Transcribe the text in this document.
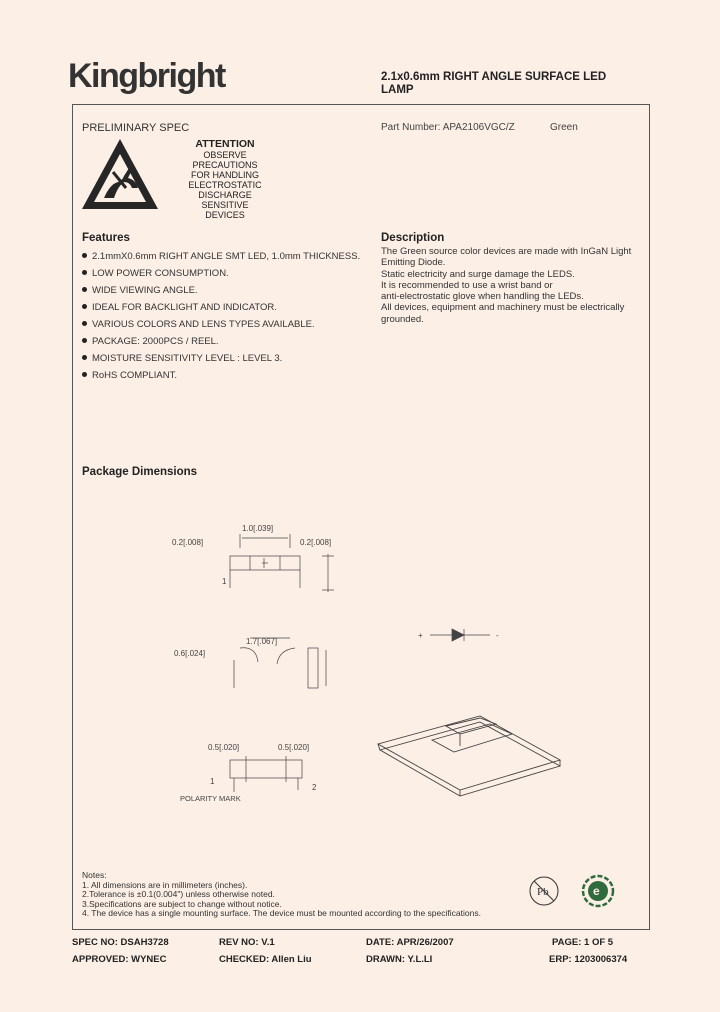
Kingbright	2.1x0.6mm RIGHT ANGLE SURFACE LED LAMP
PRELIMINARY SPEC	Part Number: APA2106VGC/Z	Green
ATTENTION
OBSERVE PRECAUTIONS
FOR HANDLING
ELECTROSTATIC
DISCHARGE
SENSITIVE
DEVICES
Features
2.1mmX0.6mm RIGHT ANGLE SMT LED, 1.0mm THICKNESS.
LOW POWER CONSUMPTION.
WIDE VIEWING ANGLE.
IDEAL FOR BACKLIGHT AND INDICATOR.
VARIOUS COLORS AND LENS TYPES AVAILABLE.
PACKAGE: 2000PCS / REEL.
MOISTURE SENSITIVITY LEVEL : LEVEL 3.
RoHS COMPLIANT.
Description
The Green source color devices are made with InGaN Light
Emitting Diode.
Static electricity and surge damage the LEDS.
It is recommended to use a wrist band or
anti-electrostatic glove when handling the LEDs.
All devices, equipment and machinery must be electrically
grounded.
Package Dimensions
1.0[.039]
0.2[.008]	0.2[.008]
1
1.7[.067]
0.6[.024]
0.5[.020]	0.5[.020]
1
2
POLARITY MARK
+	-
Notes:
1. All dimensions are in millimeters (inches).
2.Tolerance is ±0.1(0.004") unless otherwise noted.
3.Specifications are subject to change without notice.
4. The device has a single mounting surface. The device must be mounted according to the specifications.
Pb	e
SPEC NO: DSAH3728	REV NO: V.1	DATE: APR/26/2007	PAGE: 1 OF 5
APPROVED: WYNEC	CHECKED: Allen Liu	DRAWN: Y.L.LI	ERP: 1203006374
